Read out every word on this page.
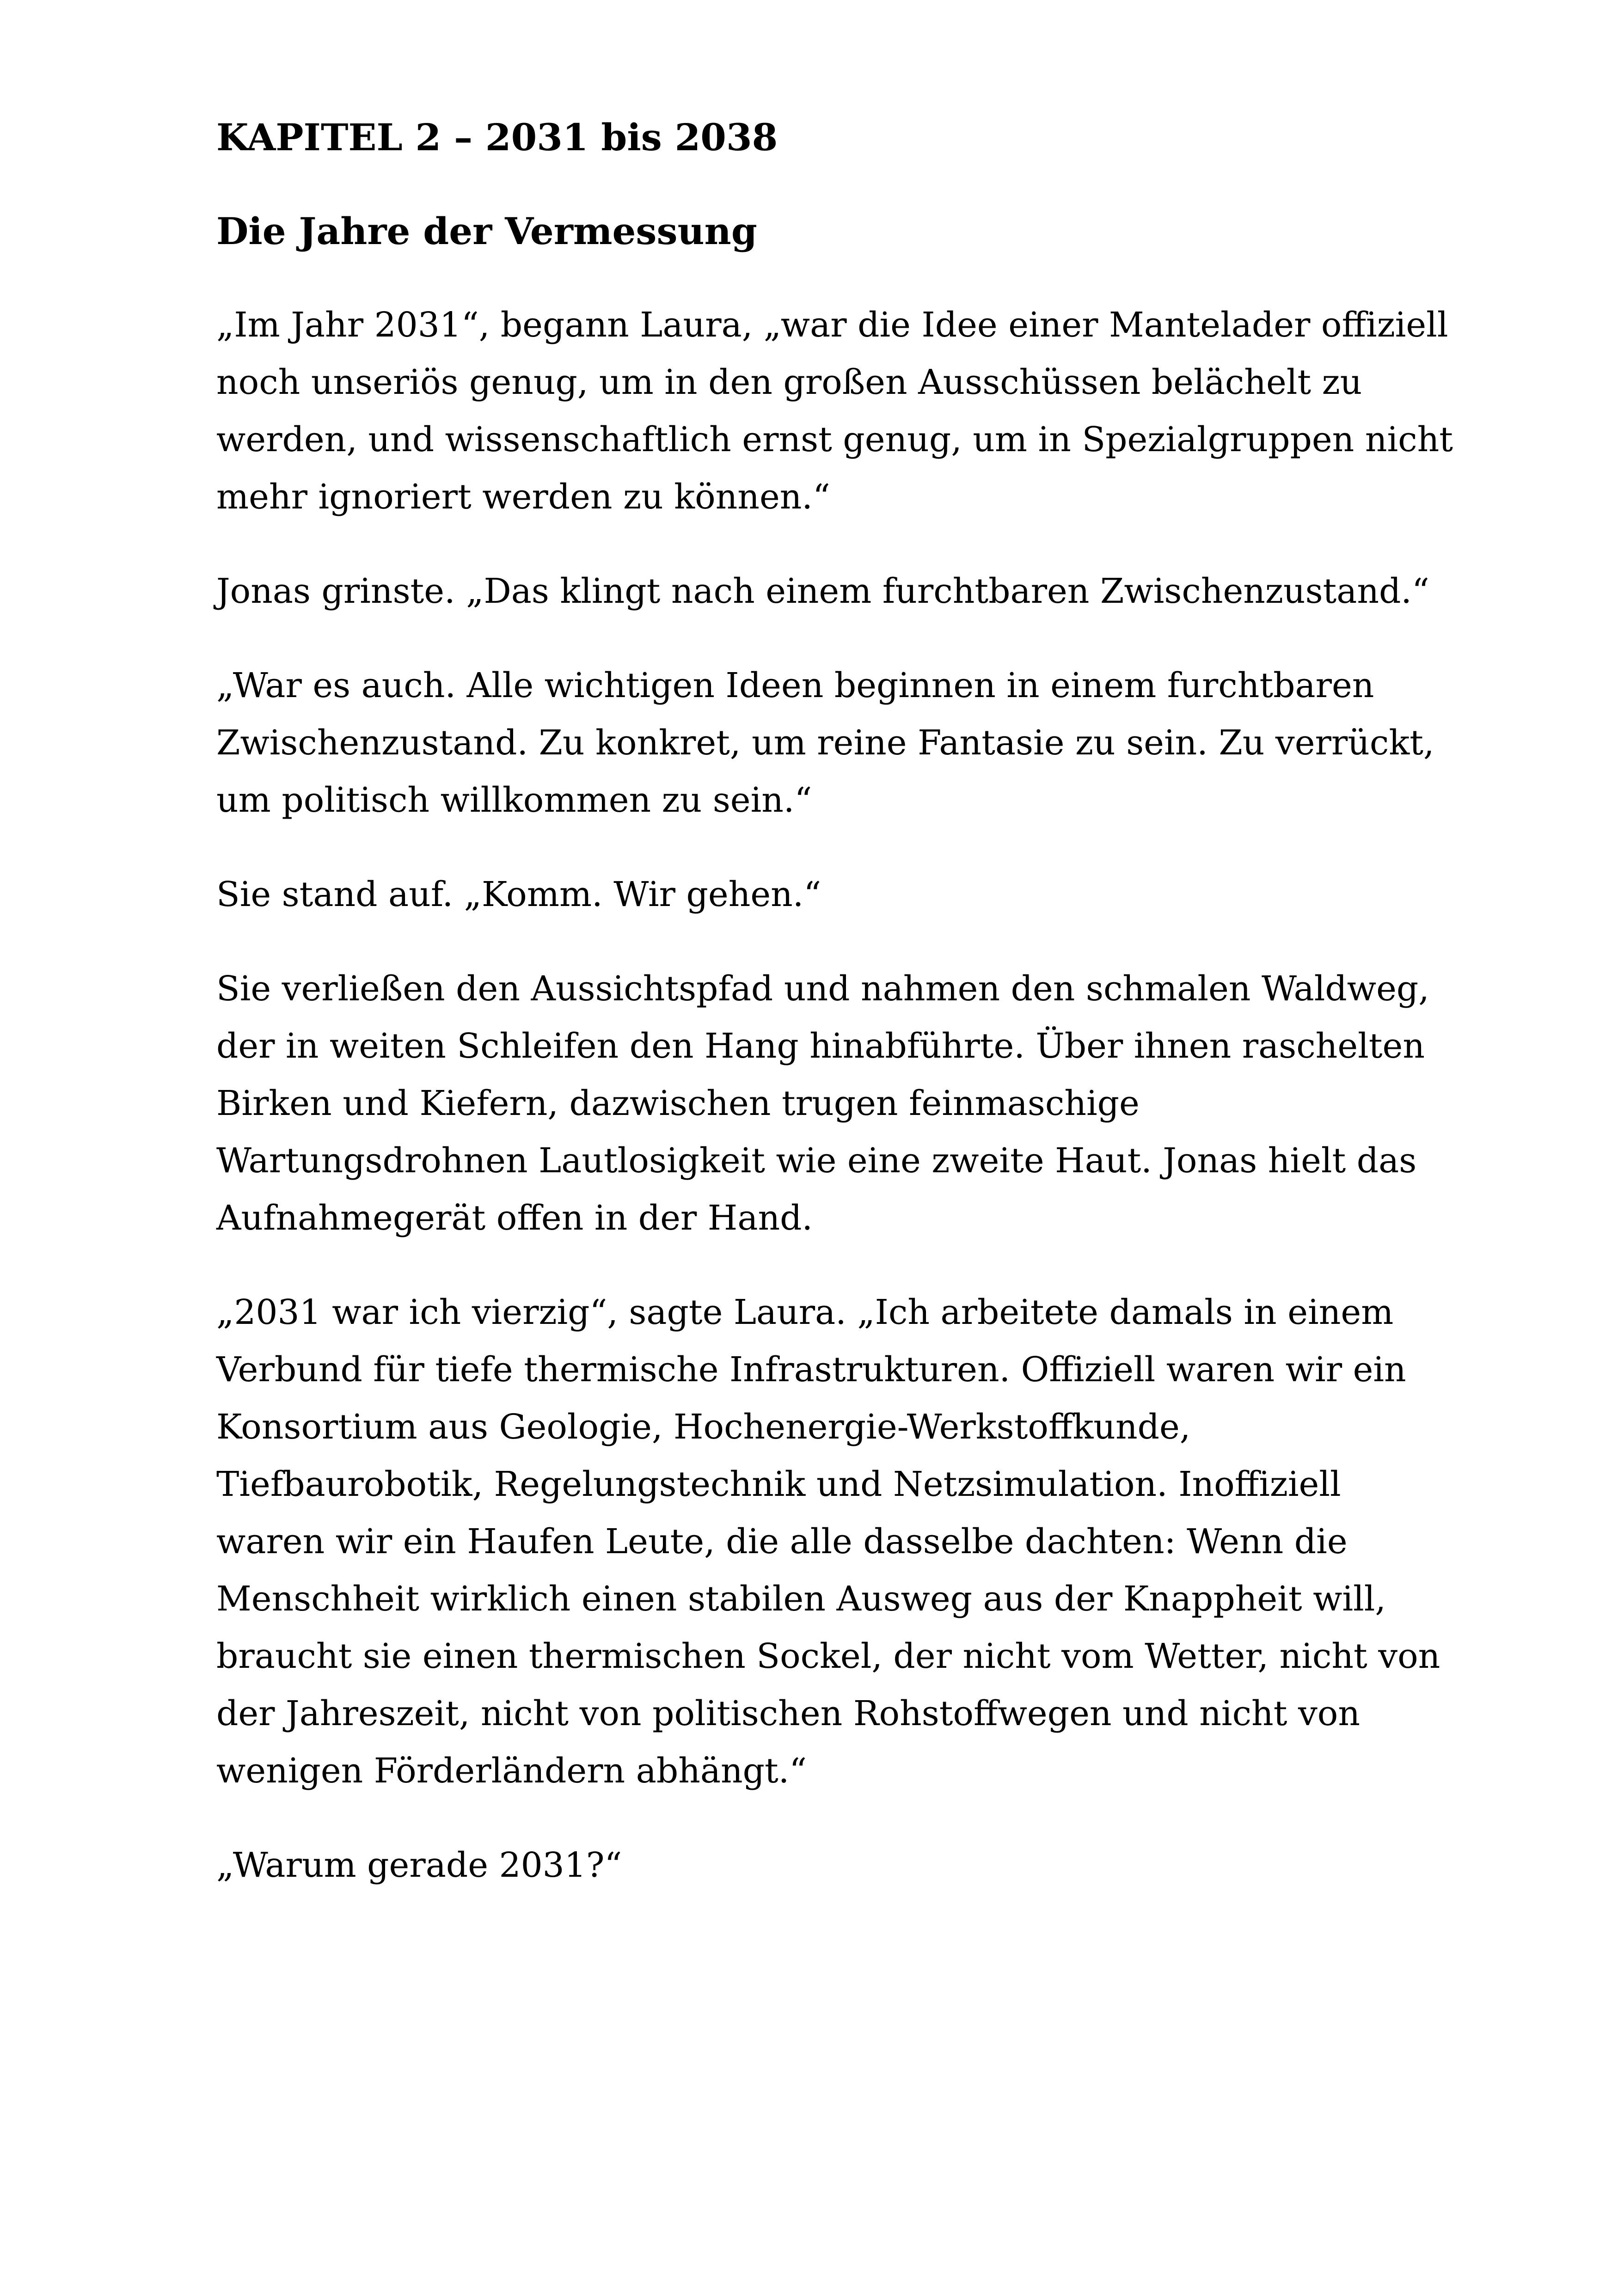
KAPITEL 2 – 2031 bis 2038
Die Jahre der Vermessung

„Im Jahr 2031“, begann Laura, „war die Idee einer Mantelader offiziell
noch unseriös genug, um in den großen Ausschüssen belächelt zu
werden, und wissenschaftlich ernst genug, um in Spezialgruppen nicht
mehr ignoriert werden zu können.“

Jonas grinste. „Das klingt nach einem furchtbaren Zwischenzustand.“

„War es auch. Alle wichtigen Ideen beginnen in einem furchtbaren
Zwischenzustand. Zu konkret, um reine Fantasie zu sein. Zu verrückt,
um politisch willkommen zu sein.“

Sie stand auf. „Komm. Wir gehen.“

Sie verließen den Aussichtspfad und nahmen den schmalen Waldweg,
der in weiten Schleifen den Hang hinabführte. Über ihnen raschelten
Birken und Kiefern, dazwischen trugen feinmaschige
Wartungsdrohnen Lautlosigkeit wie eine zweite Haut. Jonas hielt das
Aufnahmegerät offen in der Hand.

„2031 war ich vierzig“, sagte Laura. „Ich arbeitete damals in einem
Verbund für tiefe thermische Infrastrukturen. Offiziell waren wir ein
Konsortium aus Geologie, Hochenergie-Werkstoffkunde,
Tiefbaurobotik, Regelungstechnik und Netzsimulation. Inoffiziell
waren wir ein Haufen Leute, die alle dasselbe dachten: Wenn die
Menschheit wirklich einen stabilen Ausweg aus der Knappheit will,
braucht sie einen thermischen Sockel, der nicht vom Wetter, nicht von
der Jahreszeit, nicht von politischen Rohstoffwegen und nicht von
wenigen Förderländern abhängt.“

„Warum gerade 2031?“
